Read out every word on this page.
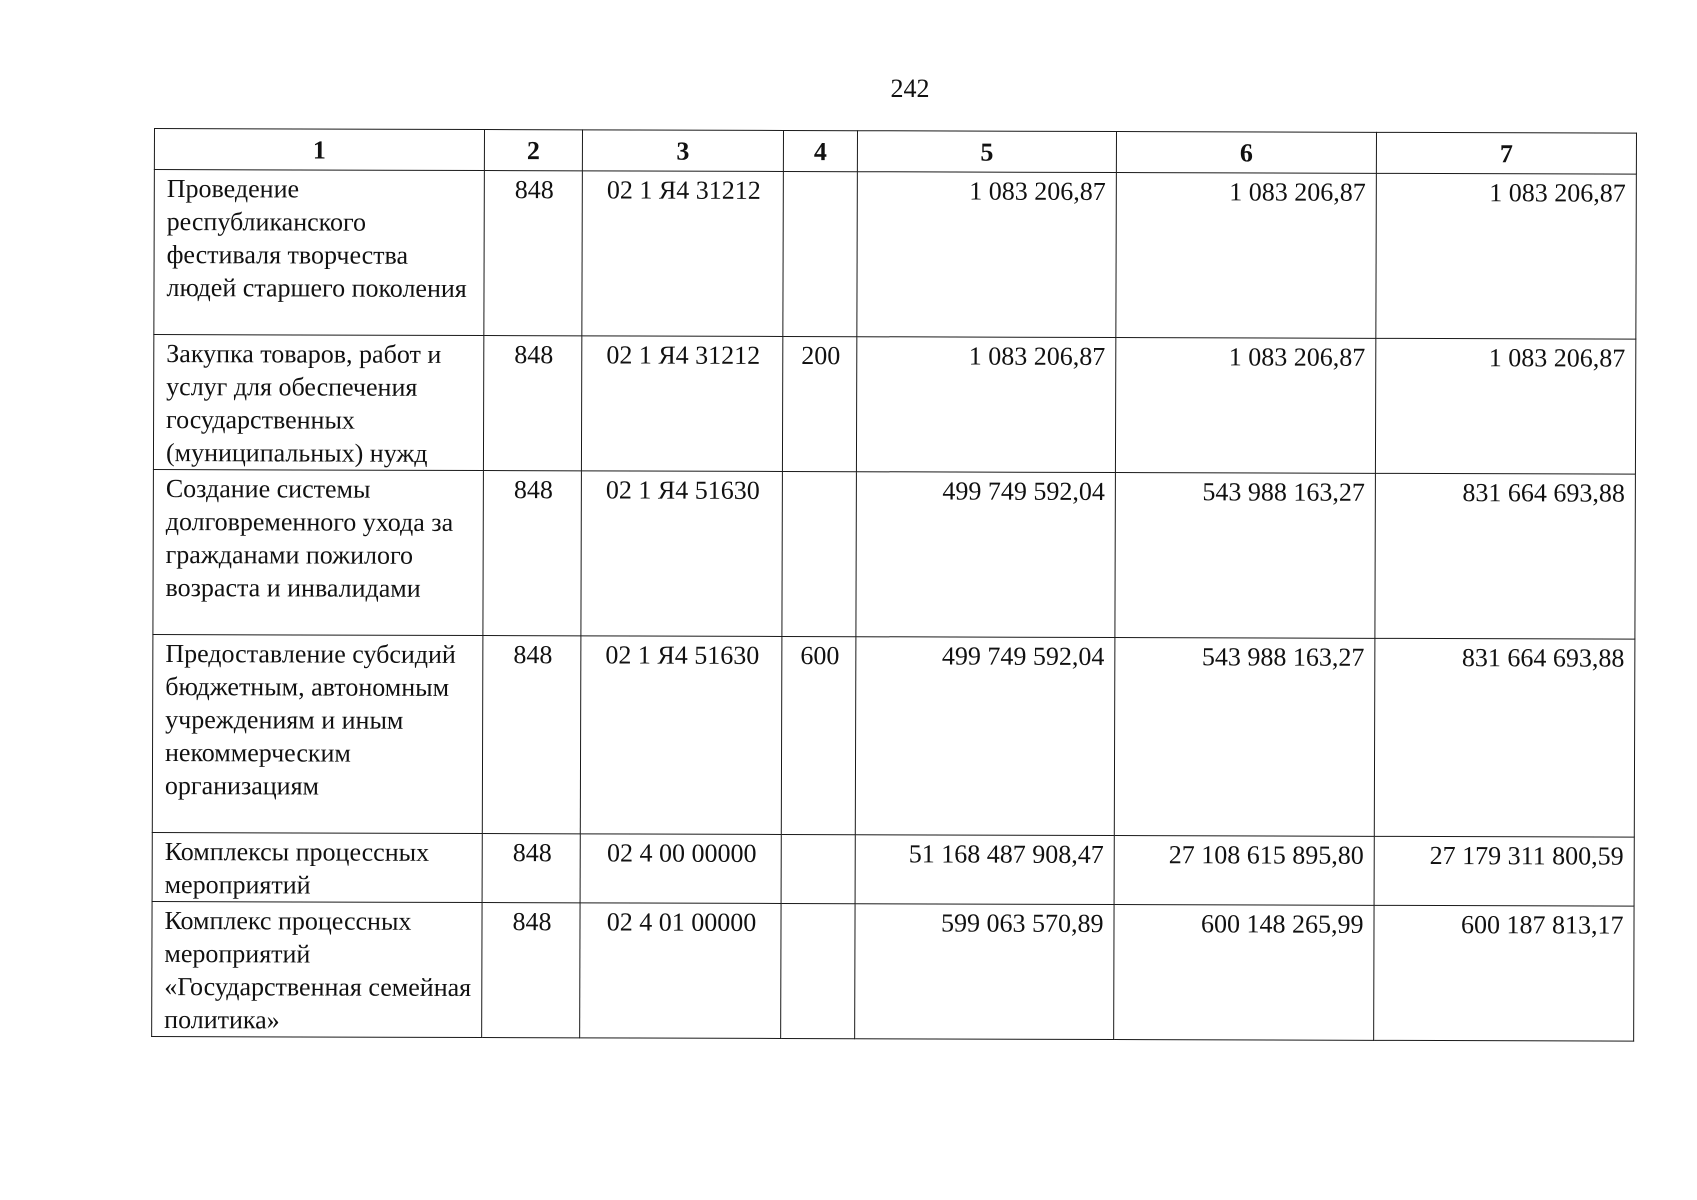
242
1	2	3	4	5	6	7
Проведение республиканского фестиваля творчества людей старшего поколения	848	02 1 Я4 31212		1 083 206,87	1 083 206,87	1 083 206,87
Закупка товаров, работ и услуг для обеспечения государственных (муниципальных) нужд	848	02 1 Я4 31212	200	1 083 206,87	1 083 206,87	1 083 206,87
Создание системы долговременного ухода за гражданами пожилого возраста и инвалидами	848	02 1 Я4 51630		499 749 592,04	543 988 163,27	831 664 693,88
Предоставление субсидий бюджетным, автономным учреждениям и иным некоммерческим организациям	848	02 1 Я4 51630	600	499 749 592,04	543 988 163,27	831 664 693,88
Комплексы процессных мероприятий	848	02 4 00 00000		51 168 487 908,47	27 108 615 895,80	27 179 311 800,59
Комплекс процессных мероприятий «Государственная семейная политика»	848	02 4 01 00000		599 063 570,89	600 148 265,99	600 187 813,17
